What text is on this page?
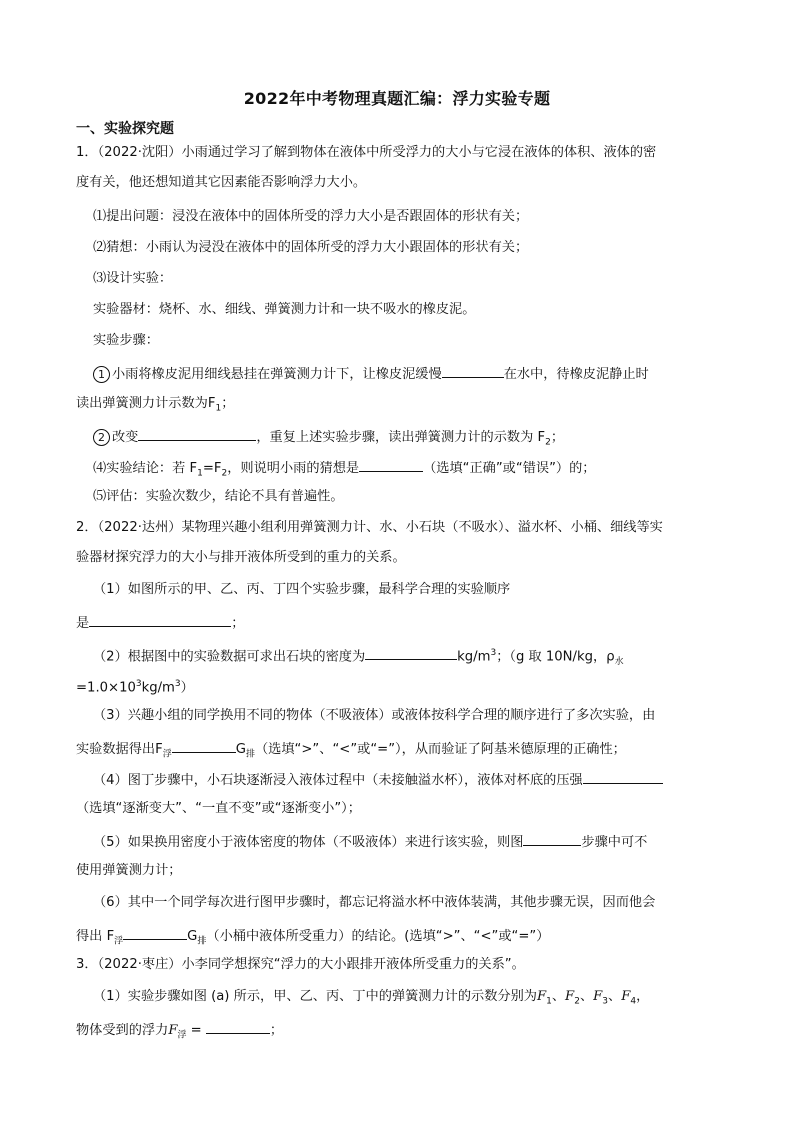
2022年中考物理真题汇编：浮力实验专题
一、实验探究题
1．（2022·沈阳）小雨通过学习了解到物体在液体中所受浮力的大小与它浸在液体的体积、液体的密
度有关，他还想知道其它因素能否影响浮力大小。
⑴提出问题：浸没在液体中的固体所受的浮力大小是否跟固体的形状有关；
⑵猜想：小雨认为浸没在液体中的固体所受的浮力大小跟固体的形状有关；
⑶设计实验：
实验器材：烧杯、水、细线、弹簧测力计和一块不吸水的橡皮泥。
实验步骤：
1 小雨将橡皮泥用细线悬挂在弹簧测力计下，让橡皮泥缓慢	在水中，待橡皮泥静止时
读出弹簧测力计示数为$F_1$；
2 改变	，重复上述实验步骤，读出弹簧测力计的示数为 $F_2$；
⑷实验结论：若 $F_1=F_2$，则说明小雨的猜想是	（选填“正确”或“错误”）的；
⑸评估：实验次数少，结论不具有普遍性。
2．（2022·达州）某物理兴趣小组利用弹簧测力计、水、小石块（不吸水）、溢水杯、小桶、细线等实
验器材探究浮力的大小与排开液体所受到的重力的关系。
（1）如图所示的甲、乙、丙、丁四个实验步骤，最科学合理的实验顺序
是	；
（2）根据图中的实验数据可求出石块的密度为	$kg/m^3$；（g 取 10N/kg，$\rho_水$
$=1.0\times 10^3kg/m^3$）
（3）兴趣小组的同学换用不同的物体（不吸液体）或液体按科学合理的顺序进行了多次实验，由
实验数据得出$F_浮$	$G_排$（选填“>”、“<”或“=”），从而验证了阿基米德原理的正确性；
（4）图丁步骤中，小石块逐渐浸入液体过程中（未接触溢水杯），液体对杯底的压强
（选填“逐渐变大”、“一直不变”或“逐渐变小”）；
（5）如果换用密度小于液体密度的物体（不吸液体）来进行该实验，则图	步骤中可不
使用弹簧测力计；
（6）其中一个同学每次进行图甲步骤时，都忘记将溢水杯中液体装满，其他步骤无误，因而他会
得出 $F_浮$	$G_排$（小桶中液体所受重力）的结论。(选填“>”、“<”或“=”）
3．（2022·枣庄）小李同学想探究“浮力的大小跟排开液体所受重力的关系”。
（1）实验步骤如图 (a) 所示，甲、乙、丙、丁中的弹簧测力计的示数分别为$F_1$、$F_2$、$F_3$、$F_4$，
物体受到的浮力$F_浮$ =	；
